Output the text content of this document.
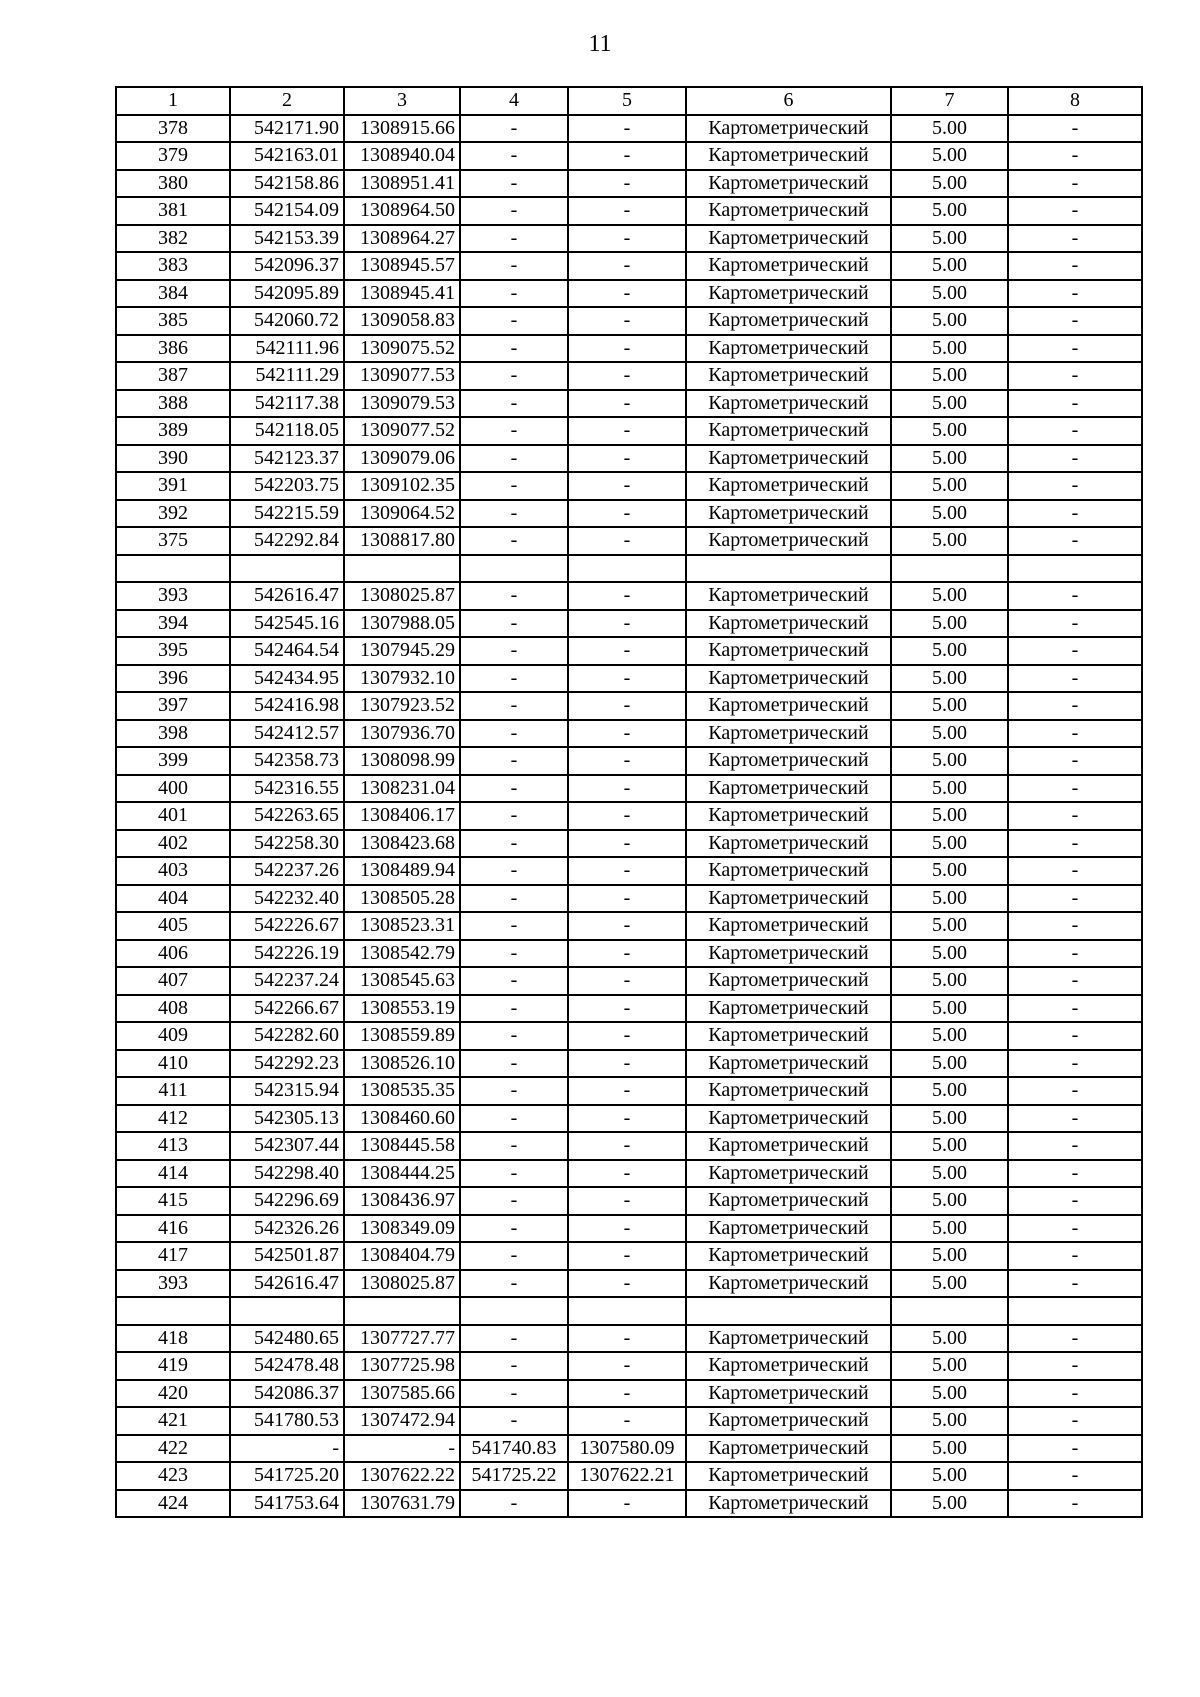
11
1	2	3	4	5	6	7	8
378	542171.90	1308915.66	-	-	Картометрический	5.00	-
379	542163.01	1308940.04	-	-	Картометрический	5.00	-
380	542158.86	1308951.41	-	-	Картометрический	5.00	-
381	542154.09	1308964.50	-	-	Картометрический	5.00	-
382	542153.39	1308964.27	-	-	Картометрический	5.00	-
383	542096.37	1308945.57	-	-	Картометрический	5.00	-
384	542095.89	1308945.41	-	-	Картометрический	5.00	-
385	542060.72	1309058.83	-	-	Картометрический	5.00	-
386	542111.96	1309075.52	-	-	Картометрический	5.00	-
387	542111.29	1309077.53	-	-	Картометрический	5.00	-
388	542117.38	1309079.53	-	-	Картометрический	5.00	-
389	542118.05	1309077.52	-	-	Картометрический	5.00	-
390	542123.37	1309079.06	-	-	Картометрический	5.00	-
391	542203.75	1309102.35	-	-	Картометрический	5.00	-
392	542215.59	1309064.52	-	-	Картометрический	5.00	-
375	542292.84	1308817.80	-	-	Картометрический	5.00	-

393	542616.47	1308025.87	-	-	Картометрический	5.00	-
394	542545.16	1307988.05	-	-	Картометрический	5.00	-
395	542464.54	1307945.29	-	-	Картометрический	5.00	-
396	542434.95	1307932.10	-	-	Картометрический	5.00	-
397	542416.98	1307923.52	-	-	Картометрический	5.00	-
398	542412.57	1307936.70	-	-	Картометрический	5.00	-
399	542358.73	1308098.99	-	-	Картометрический	5.00	-
400	542316.55	1308231.04	-	-	Картометрический	5.00	-
401	542263.65	1308406.17	-	-	Картометрический	5.00	-
402	542258.30	1308423.68	-	-	Картометрический	5.00	-
403	542237.26	1308489.94	-	-	Картометрический	5.00	-
404	542232.40	1308505.28	-	-	Картометрический	5.00	-
405	542226.67	1308523.31	-	-	Картометрический	5.00	-
406	542226.19	1308542.79	-	-	Картометрический	5.00	-
407	542237.24	1308545.63	-	-	Картометрический	5.00	-
408	542266.67	1308553.19	-	-	Картометрический	5.00	-
409	542282.60	1308559.89	-	-	Картометрический	5.00	-
410	542292.23	1308526.10	-	-	Картометрический	5.00	-
411	542315.94	1308535.35	-	-	Картометрический	5.00	-
412	542305.13	1308460.60	-	-	Картометрический	5.00	-
413	542307.44	1308445.58	-	-	Картометрический	5.00	-
414	542298.40	1308444.25	-	-	Картометрический	5.00	-
415	542296.69	1308436.97	-	-	Картометрический	5.00	-
416	542326.26	1308349.09	-	-	Картометрический	5.00	-
417	542501.87	1308404.79	-	-	Картометрический	5.00	-
393	542616.47	1308025.87	-	-	Картометрический	5.00	-

418	542480.65	1307727.77	-	-	Картометрический	5.00	-
419	542478.48	1307725.98	-	-	Картометрический	5.00	-
420	542086.37	1307585.66	-	-	Картометрический	5.00	-
421	541780.53	1307472.94	-	-	Картометрический	5.00	-
422	-	-	541740.83	1307580.09	Картометрический	5.00	-
423	541725.20	1307622.22	541725.22	1307622.21	Картометрический	5.00	-
424	541753.64	1307631.79	-	-	Картометрический	5.00	-
